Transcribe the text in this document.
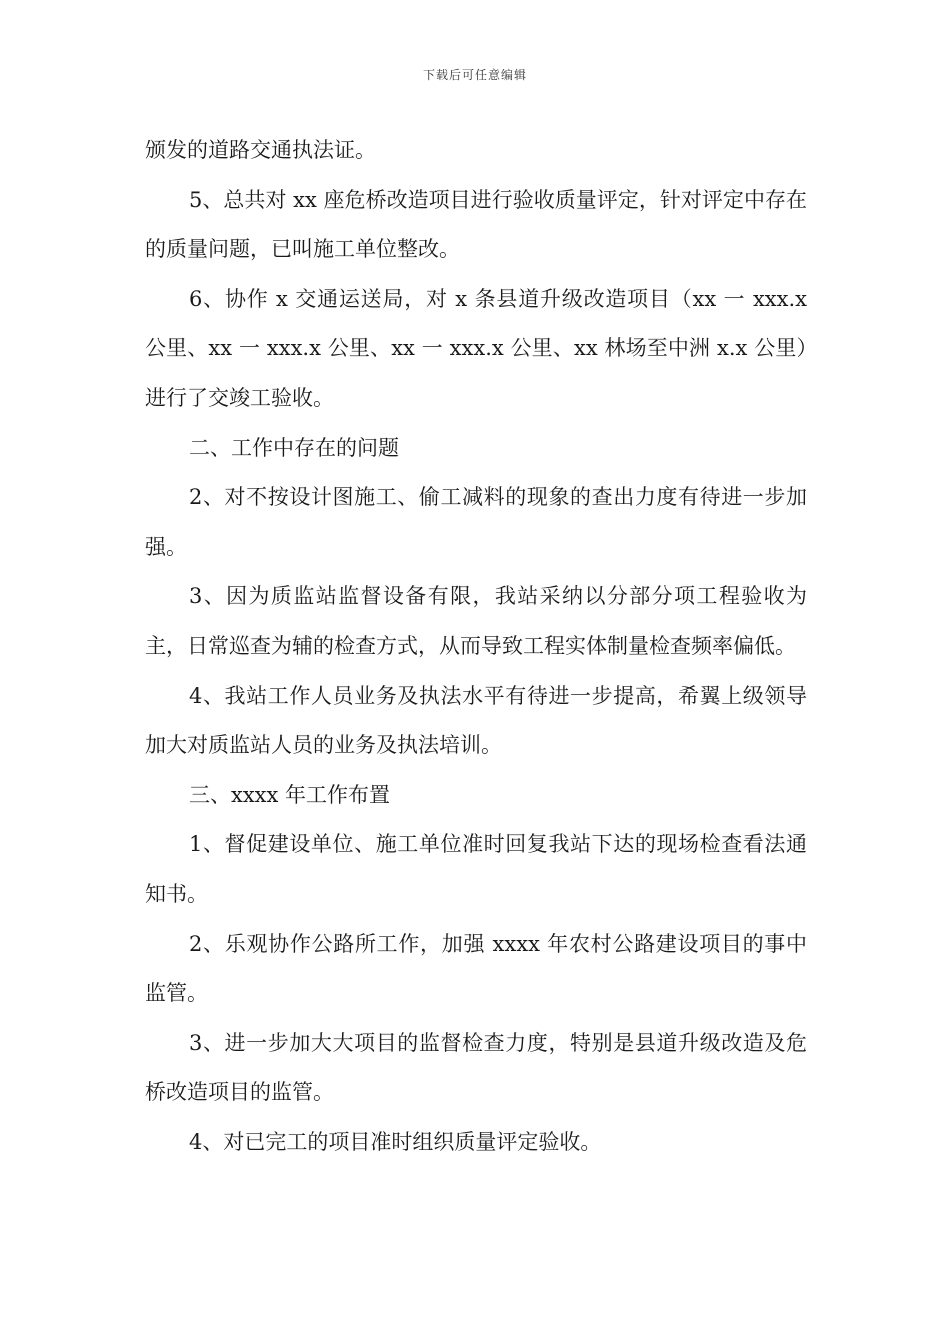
下载后可任意编辑

颁发的道路交通执法证。

5、总共对 xx 座危桥改造项目进行验收质量评定，针对评定中存在的质量问题，已叫施工单位整改。

6、协作 x 交通运送局，对 x 条县道升级改造项目（xx 一 xxx.x 公里、xx 一 xxx.x 公里、xx 一 xxx.x 公里、xx 林场至中洲 x.x 公里）进行了交竣工验收。

二、工作中存在的问题

2、对不按设计图施工、偷工减料的现象的查出力度有待进一步加强。

3、因为质监站监督设备有限，我站采纳以分部分项工程验收为主，日常巡查为辅的检查方式，从而导致工程实体制量检查频率偏低。

4、我站工作人员业务及执法水平有待进一步提高，希翼上级领导加大对质监站人员的业务及执法培训。

三、xxxx 年工作布置

1、督促建设单位、施工单位准时回复我站下达的现场检查看法通知书。

2、乐观协作公路所工作，加强 xxxx 年农村公路建设项目的事中监管。

3、进一步加大大项目的监督检查力度，特别是县道升级改造及危桥改造项目的监管。

4、对已完工的项目准时组织质量评定验收。
